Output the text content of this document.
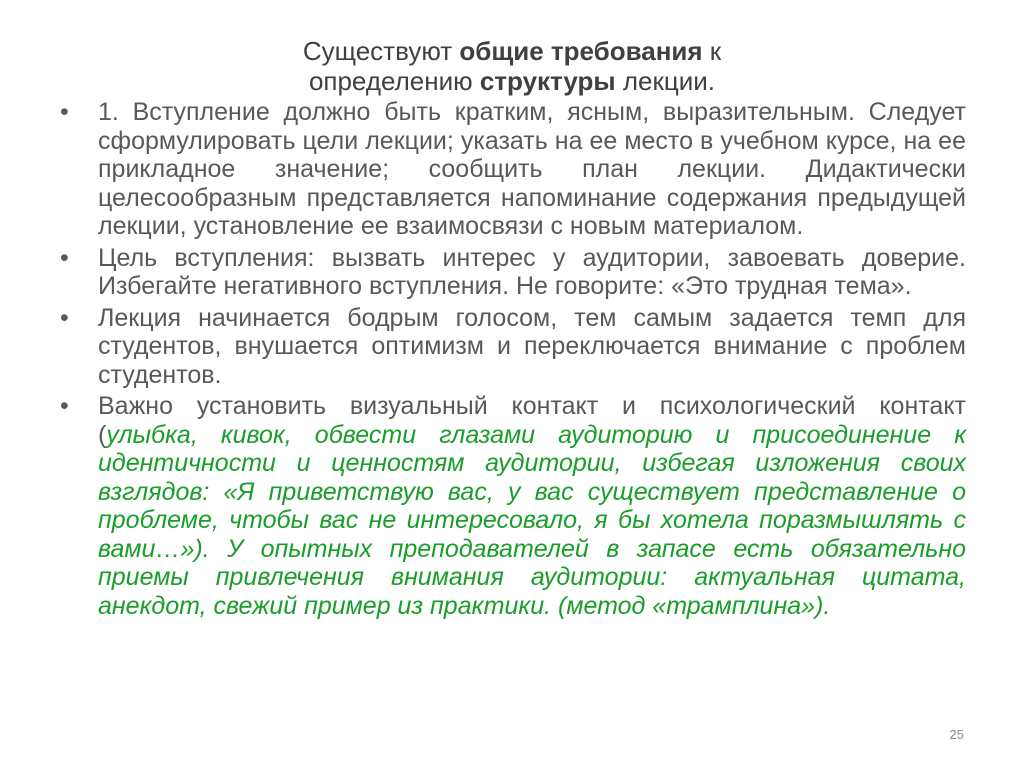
Существуют общие требования к
определению структуры лекции.
•	1. Вступление должно быть кратким, ясным, выразительным. Следует сформулировать цели лекции; указать на ее место в учебном курсе, на ее прикладное значение; сообщить план лекции. Дидактически целесообразным представляется напоминание содержания предыдущей лекции, установление ее взаимосвязи с новым материалом.
•	Цель вступления: вызвать интерес у аудитории, завоевать доверие. Избегайте негативного вступления. Не говорите: «Это трудная тема».
•	Лекция начинается бодрым голосом, тем самым задается темп для студентов, внушается оптимизм и переключается внимание с проблем студентов.
•	Важно установить визуальный контакт и психологический контакт (улыбка, кивок, обвести глазами аудиторию и присоединение к идентичности и ценностям аудитории, избегая изложения своих взглядов: «Я приветствую вас, у вас существует представление о проблеме, чтобы вас не интересовало, я бы хотела поразмышлять с вами…»). У опытных преподавателей в запасе есть обязательно приемы привлечения внимания аудитории: актуальная цитата, анекдот, свежий пример из практики. (метод «трамплина»).
25
